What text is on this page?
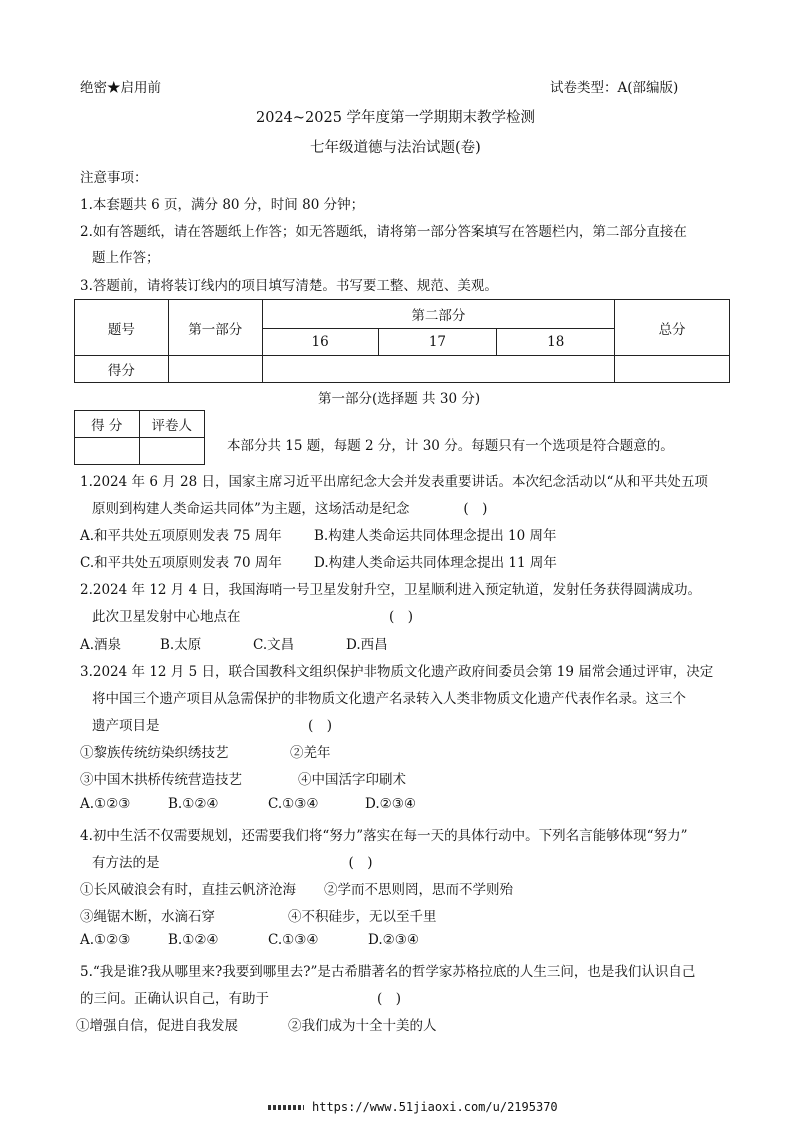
绝密★启用前	试卷类型：A(部编版)
2024~2025 学年度第一学期期末教学检测
七年级道德与法治试题(卷)
注意事项：
1.本套题共 6 页，满分 80 分，时间 80 分钟；
2.如有答题纸，请在答题纸上作答；如无答题纸，请将第一部分答案填写在答题栏内，第二部分直接在
题上作答；
3.答题前，请将装订线内的项目填写清楚。书写要工整、规范、美观。
题号	第一部分	第二部分			总分
		16	17	18	
得分					
第一部分(选择题 共 30 分)
得 分	评卷人

本部分共 15 题，每题 2 分，计 30 分。每题只有一个选项是符合题意的。
1.2024 年 6 月 28 日，国家主席习近平出席纪念大会并发表重要讲话。本次纪念活动以“从和平共处五项
原则到构建人类命运共同体”为主题，这场活动是纪念　　　　(　)
A.和平共处五项原则发表 75 周年 B.构建人类命运共同体理念提出 10 周年
C.和平共处五项原则发表 70 周年 D.构建人类命运共同体理念提出 11 周年
2.2024 年 12 月 4 日，我国海哨一号卫星发射升空，卫星顺利进入预定轨道，发射任务获得圆满成功。
此次卫星发射中心地点在　　　　　　　　　　　(　)
A.酒泉	B.太原	C.文昌	D.西昌
3.2024 年 12 月 5 日，联合国教科文组织保护非物质文化遗产政府间委员会第 19 届常会通过评审，决定
将中国三个遗产项目从急需保护的非物质文化遗产名录转入人类非物质文化遗产代表作名录。这三个
遗产项目是　　　　　　　　　　　(　)
①黎族传统纺染织绣技艺	②羌年
③中国木拱桥传统营造技艺	④中国活字印刷术
A.①②③	B.①②④	C.①③④	D.②③④
4.初中生活不仅需要规划，还需要我们将“努力”落实在每一天的具体行动中。下列名言能够体现“努力”
有方法的是　　　　　　　　　　　　　　(　)
①长风破浪会有时，直挂云帆济沧海 ②学而不思则罔，思而不学则殆
③绳锯木断，水滴石穿	④不积硅步，无以至千里
A.①②③	B.①②④	C.①③④	D.②③④
5.“我是谁?我从哪里来?我要到哪里去?”是古希腊著名的哲学家苏格拉底的人生三问，也是我们认识自己
的三问。正确认识自己，有助于　　　　　　　　(　)
①增强自信，促进自我发展	②我们成为十全十美的人
https://www.51jiaoxi.com/u/2195370
